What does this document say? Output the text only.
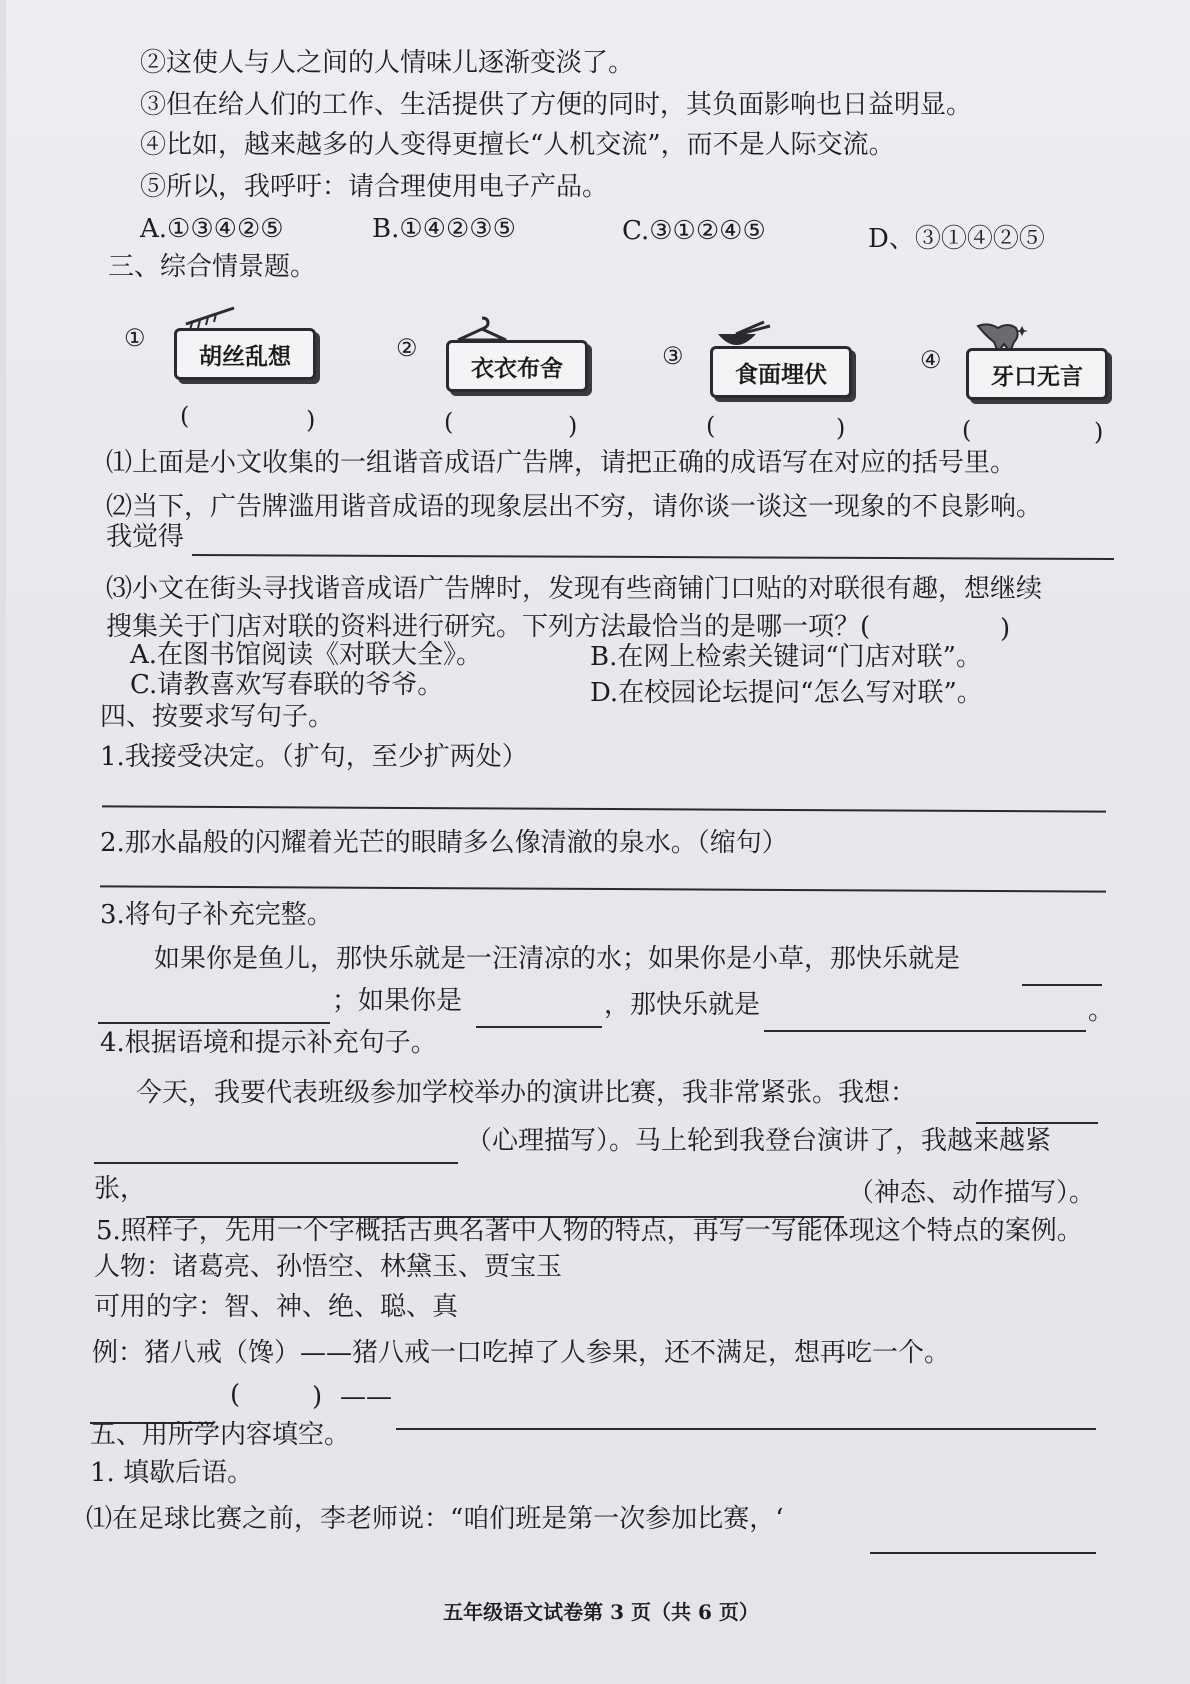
②这使人与人之间的人情味儿逐渐变淡了。
③但在给人们的工作、生活提供了方便的同时，其负面影响也日益明显。
④比如，越来越多的人变得更擅长“人机交流”，而不是人际交流。
⑤所以，我呼吁：请合理使用电子产品。
A.①③④②⑤	B.①④②③⑤	C.③①②④⑤	D、③①④②⑤
三、综合情景题。
①
胡丝乱想
(	)
②
衣衣布舍
(	)
③
食面埋伏
(	)
④
牙口无言
(	)
⑴上面是小文收集的一组谐音成语广告牌，请把正确的成语写在对应的括号里。
⑵当下，广告牌滥用谐音成语的现象层出不穷，请你谈一谈这一现象的不良影响。
我觉得
⑶小文在街头寻找谐音成语广告牌时，发现有些商铺门口贴的对联很有趣，想继续
搜集关于门店对联的资料进行研究。下列方法最恰当的是哪一项？(	)
A.在图书馆阅读《对联大全》。	B.在网上检索关键词“门店对联”。
C.请教喜欢写春联的爷爷。	D.在校园论坛提问“怎么写对联”。
四、按要求写句子。
1.我接受决定。（扩句，至少扩两处）
2.那水晶般的闪耀着光芒的眼睛多么像清澈的泉水。（缩句）
3.将句子补充完整。
如果你是鱼儿，那快乐就是一汪清凉的水；如果你是小草，那快乐就是
；如果你是	，那快乐就是	。
4.根据语境和提示补充句子。
今天，我要代表班级参加学校举办的演讲比赛，我非常紧张。我想：
（心理描写）。马上轮到我登台演讲了，我越来越紧
张，	（神态、动作描写）。
5.照样子，先用一个字概括古典名著中人物的特点，再写一写能体现这个特点的案例。
人物：诸葛亮、孙悟空、林黛玉、贾宝玉
可用的字：智、神、绝、聪、真
例：猪八戒（馋）——猪八戒一口吃掉了人参果，还不满足，想再吃一个。
(	) ——
五、用所学内容填空。
1. 填歇后语。
⑴在足球比赛之前，李老师说：“咱们班是第一次参加比赛，‘
五年级语文试卷第 3 页（共 6 页）
